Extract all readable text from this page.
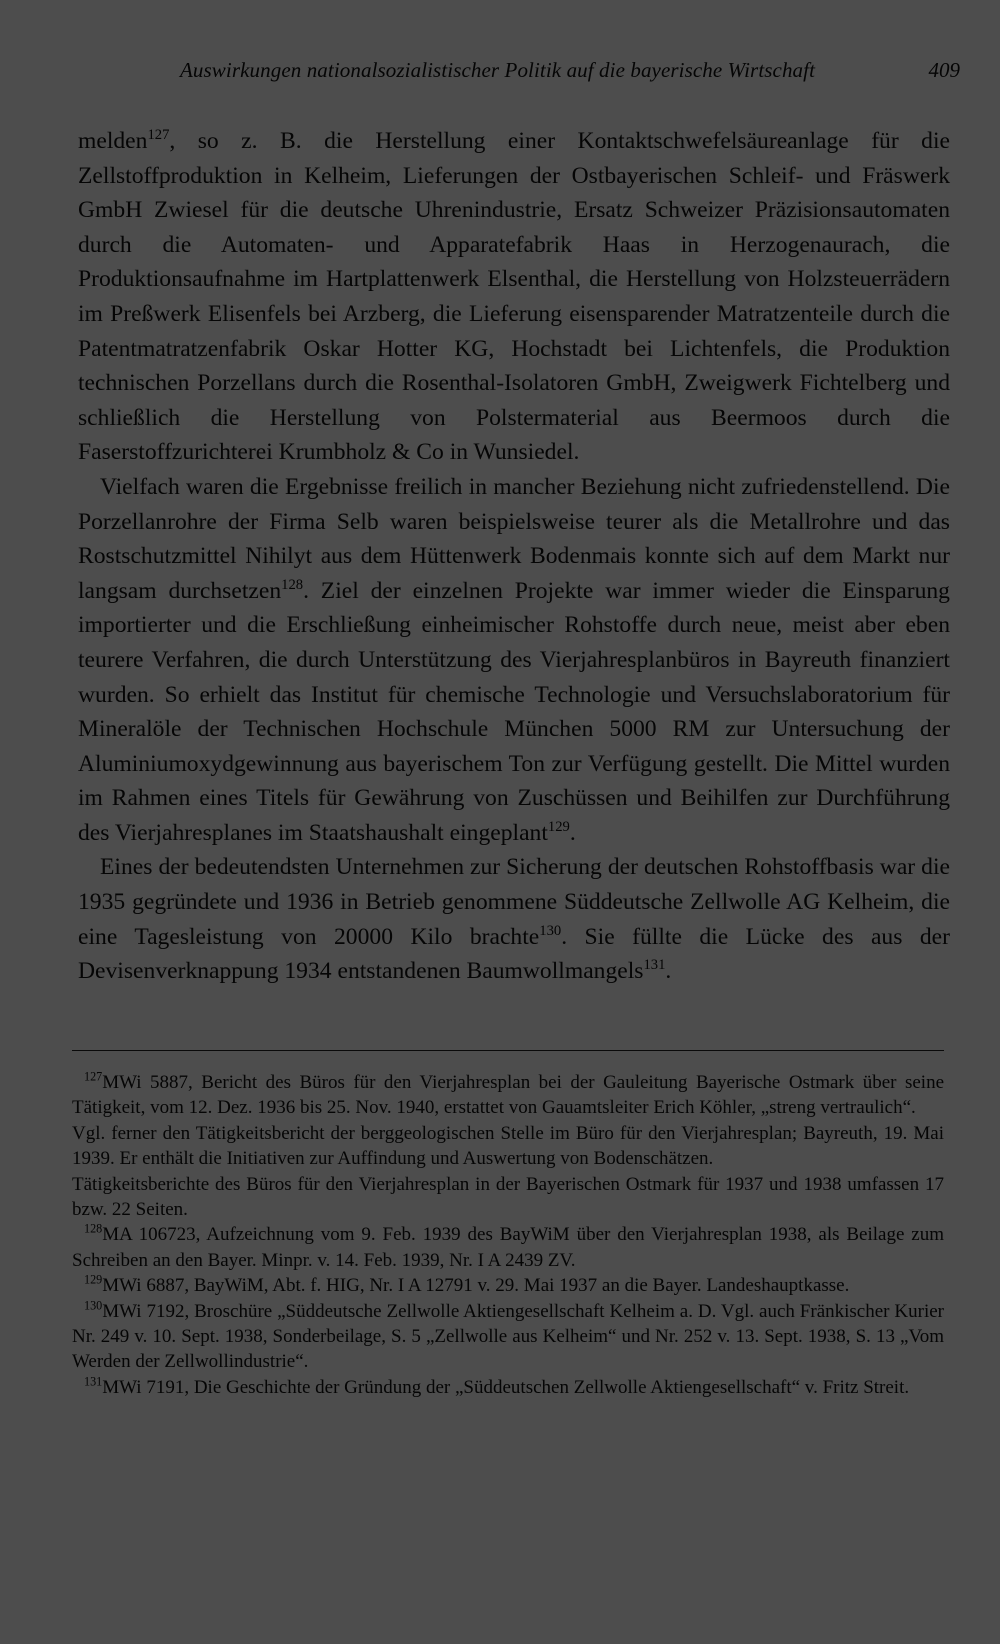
Auswirkungen nationalsozialistischer Politik auf die bayerische Wirtschaft	409

melden$^{127}$, so z. B. die Herstellung einer Kontaktschwefelsäureanlage für die Zellstoffproduktion in Kelheim, Lieferungen der Ostbayerischen Schleif- und Fräswerk GmbH Zwiesel für die deutsche Uhrenindustrie, Ersatz Schweizer Präzisionsautomaten durch die Automaten- und Apparatefabrik Haas in Herzogenaurach, die Produktionsaufnahme im Hartplattenwerk Elsenthal, die Herstellung von Holzsteuerrädern im Preßwerk Elisenfels bei Arzberg, die Lieferung eisensparender Matratzenteile durch die Patentmatratzenfabrik Oskar Hotter KG, Hochstadt bei Lichtenfels, die Produktion technischen Porzellans durch die Rosenthal-Isolatoren GmbH, Zweigwerk Fichtelberg und schließlich die Herstellung von Polstermaterial aus Beermoos durch die Faserstoffzurichterei Krumbholz & Co in Wunsiedel.

Vielfach waren die Ergebnisse freilich in mancher Beziehung nicht zufriedenstellend. Die Porzellanrohre der Firma Selb waren beispielsweise teurer als die Metallrohre und das Rostschutzmittel Nihilyt aus dem Hüttenwerk Bodenmais konnte sich auf dem Markt nur langsam durchsetzen$^{128}$. Ziel der einzelnen Projekte war immer wieder die Einsparung importierter und die Erschließung einheimischer Rohstoffe durch neue, meist aber eben teurere Verfahren, die durch Unterstützung des Vierjahresplanbüros in Bayreuth finanziert wurden. So erhielt das Institut für chemische Technologie und Versuchslaboratorium für Mineralöle der Technischen Hochschule München 5000 RM zur Untersuchung der Aluminiumoxydgewinnung aus bayerischem Ton zur Verfügung gestellt. Die Mittel wurden im Rahmen eines Titels für Gewährung von Zuschüssen und Beihilfen zur Durchführung des Vierjahresplanes im Staatshaushalt eingeplant$^{129}$.

Eines der bedeutendsten Unternehmen zur Sicherung der deutschen Rohstoffbasis war die 1935 gegründete und 1936 in Betrieb genommene Süddeutsche Zellwolle AG Kelheim, die eine Tagesleistung von 20000 Kilo brachte$^{130}$. Sie füllte die Lücke des aus der Devisenverknappung 1934 entstandenen Baumwollmangels$^{131}$.

$^{127}$MWi 5887, Bericht des Büros für den Vierjahresplan bei der Gauleitung Bayerische Ostmark über seine Tätigkeit, vom 12. Dez. 1936 bis 25. Nov. 1940, erstattet von Gauamtsleiter Erich Köhler, „streng vertraulich“.

Vgl. ferner den Tätigkeitsbericht der berggeologischen Stelle im Büro für den Vierjahresplan; Bayreuth, 19. Mai 1939. Er enthält die Initiativen zur Auffindung und Auswertung von Bodenschätzen.

Tätigkeitsberichte des Büros für den Vierjahresplan in der Bayerischen Ostmark für 1937 und 1938 umfassen 17 bzw. 22 Seiten.

$^{128}$MA 106723, Aufzeichnung vom 9. Feb. 1939 des BayWiM über den Vierjahresplan 1938, als Beilage zum Schreiben an den Bayer. Minpr. v. 14. Feb. 1939, Nr. I A 2439 ZV.

$^{129}$MWi 6887, BayWiM, Abt. f. HIG, Nr. I A 12791 v. 29. Mai 1937 an die Bayer. Landeshauptkasse.

$^{130}$MWi 7192, Broschüre „Süddeutsche Zellwolle Aktiengesellschaft Kelheim a. D. Vgl. auch Fränkischer Kurier Nr. 249 v. 10. Sept. 1938, Sonderbeilage, S. 5 „Zellwolle aus Kelheim“ und Nr. 252 v. 13. Sept. 1938, S. 13 „Vom Werden der Zellwollindustrie“.

$^{131}$MWi 7191, Die Geschichte der Gründung der „Süddeutschen Zellwolle Aktiengesellschaft“ v. Fritz Streit.
